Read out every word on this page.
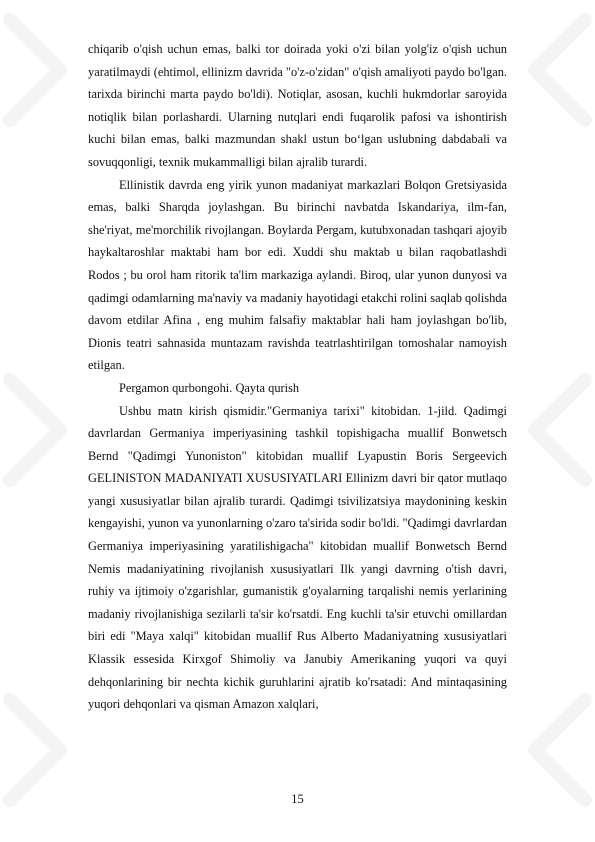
chiqarib o'qish uchun emas, balki tor doirada yoki o'zi bilan yolg'iz o'qish uchun yaratilmaydi (ehtimol, ellinizm davrida "o'z-o'zidan" o'qish amaliyoti paydo bo'lgan. tarixda birinchi marta paydo bo'ldi). Notiqlar, asosan, kuchli hukmdorlar saroyida notiqlik bilan porlashardi. Ularning nutqlari endi fuqarolik pafosi va ishontirish kuchi bilan emas, balki mazmundan shakl ustun bo‘lgan uslubning dabdabali va sovuqqonligi, texnik mukammalligi bilan ajralib turardi.

Ellinistik davrda eng yirik yunon madaniyat markazlari Bolqon Gretsiyasida emas, balki Sharqda joylashgan. Bu birinchi navbatda Iskandariya, ilm-fan, she'riyat, me'morchilik rivojlangan. Boylarda Pergam, kutubxonadan tashqari ajoyib haykaltaroshlar maktabi ham bor edi. Xuddi shu maktab u bilan raqobatlashdi Rodos ; bu orol ham ritorik ta'lim markaziga aylandi. Biroq, ular yunon dunyosi va qadimgi odamlarning ma'naviy va madaniy hayotidagi etakchi rolini saqlab qolishda davom etdilar Afina , eng muhim falsafiy maktablar hali ham joylashgan bo'lib, Dionis teatri sahnasida muntazam ravishda teatrlashtirilgan tomoshalar namoyish etilgan.

Pergamon qurbongohi. Qayta qurish

Ushbu matn kirish qismidir."Germaniya tarixi" kitobidan. 1-jild. Qadimgi davrlardan Germaniya imperiyasining tashkil topishigacha muallif Bonwetsch Bernd "Qadimgi Yunoniston" kitobidan muallif Lyapustin Boris Sergeevich GELINISTON MADANIYATI XUSUSIYATLARI Ellinizm davri bir qator mutlaqo yangi xususiyatlar bilan ajralib turardi. Qadimgi tsivilizatsiya maydonining keskin kengayishi, yunon va yunonlarning o'zaro ta'sirida sodir bo'ldi. "Qadimgi davrlardan Germaniya imperiyasining yaratilishigacha" kitobidan muallif Bonwetsch Bernd Nemis madaniyatining rivojlanish xususiyatlari Ilk yangi davrning o'tish davri, ruhiy va ijtimoiy o'zgarishlar, gumanistik g'oyalarning tarqalishi nemis yerlarining madaniy rivojlanishiga sezilarli ta'sir ko'rsatdi. Eng kuchli ta'sir etuvchi omillardan biri edi "Maya xalqi" kitobidan muallif Rus Alberto Madaniyatning xususiyatlari Klassik essesida Kirxgof Shimoliy va Janubiy Amerikaning yuqori va quyi dehqonlarining bir nechta kichik guruhlarini ajratib ko'rsatadi: And mintaqasining yuqori dehqonlari va qisman Amazon xalqlari,

15
